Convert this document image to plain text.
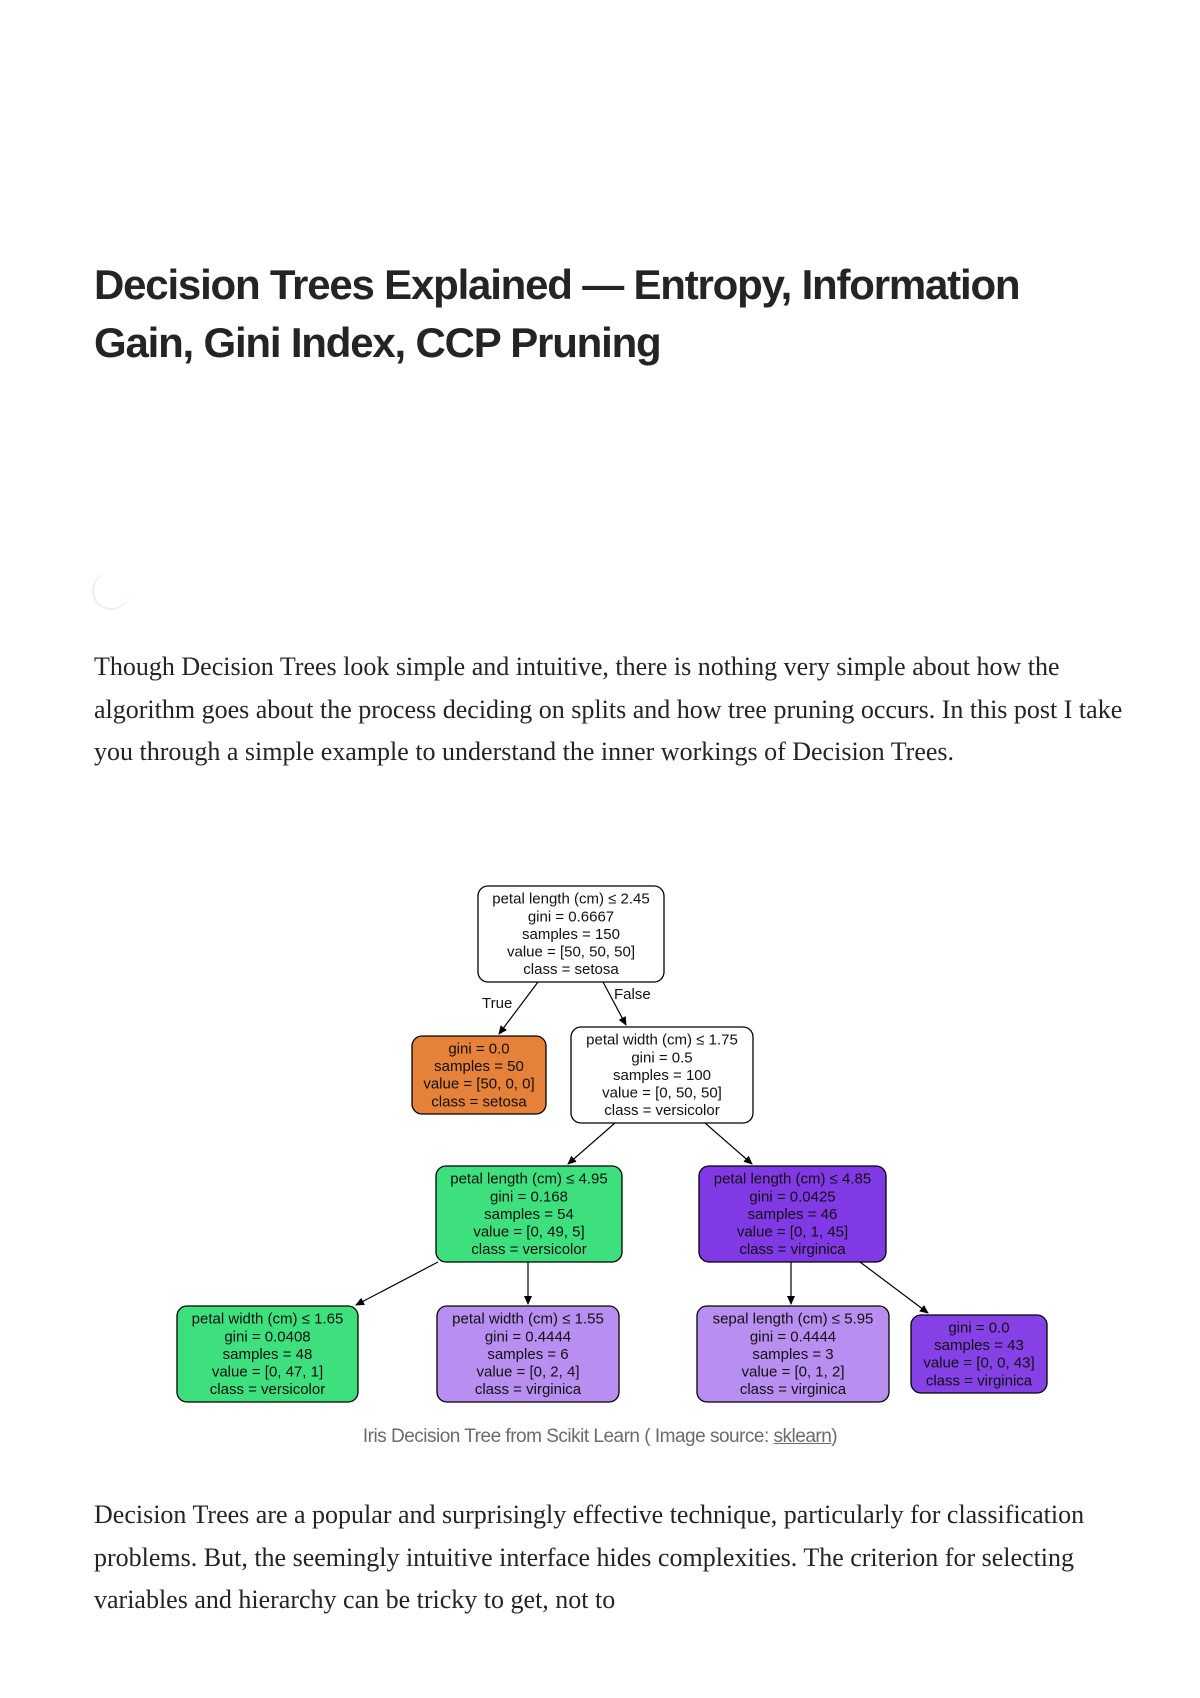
Decision Trees Explained — Entropy, Information Gain, Gini Index, CCP Pruning

Though Decision Trees look simple and intuitive, there is nothing very simple about how the algorithm goes about the process deciding on splits and how tree pruning occurs. In this post I take you through a simple example to understand the inner workings of Decision Trees.

petal length (cm) ≤ 2.45
gini = 0.6667
samples = 150
value = [50, 50, 50]
class = setosa
gini = 0.0
samples = 50
value = [50, 0, 0]
class = setosa
petal width (cm) ≤ 1.75
gini = 0.5
samples = 100
value = [0, 50, 50]
class = versicolor
petal length (cm) ≤ 4.95
gini = 0.168
samples = 54
value = [0, 49, 5]
class = versicolor
petal length (cm) ≤ 4.85
gini = 0.0425
samples = 46
value = [0, 1, 45]
class = virginica
petal width (cm) ≤ 1.65
gini = 0.0408
samples = 48
value = [0, 47, 1]
class = versicolor
petal width (cm) ≤ 1.55
gini = 0.4444
samples = 6
value = [0, 2, 4]
class = virginica
sepal length (cm) ≤ 5.95
gini = 0.4444
samples = 3
value = [0, 1, 2]
class = virginica
gini = 0.0
samples = 43
value = [0, 0, 43]
class = virginica
True
False
Iris Decision Tree from Scikit Learn ( Image source: sklearn)

Decision Trees are a popular and surprisingly effective technique, particularly for classification problems. But, the seemingly intuitive interface hides complexities. The criterion for selecting variables and hierarchy can be tricky to get, not to
